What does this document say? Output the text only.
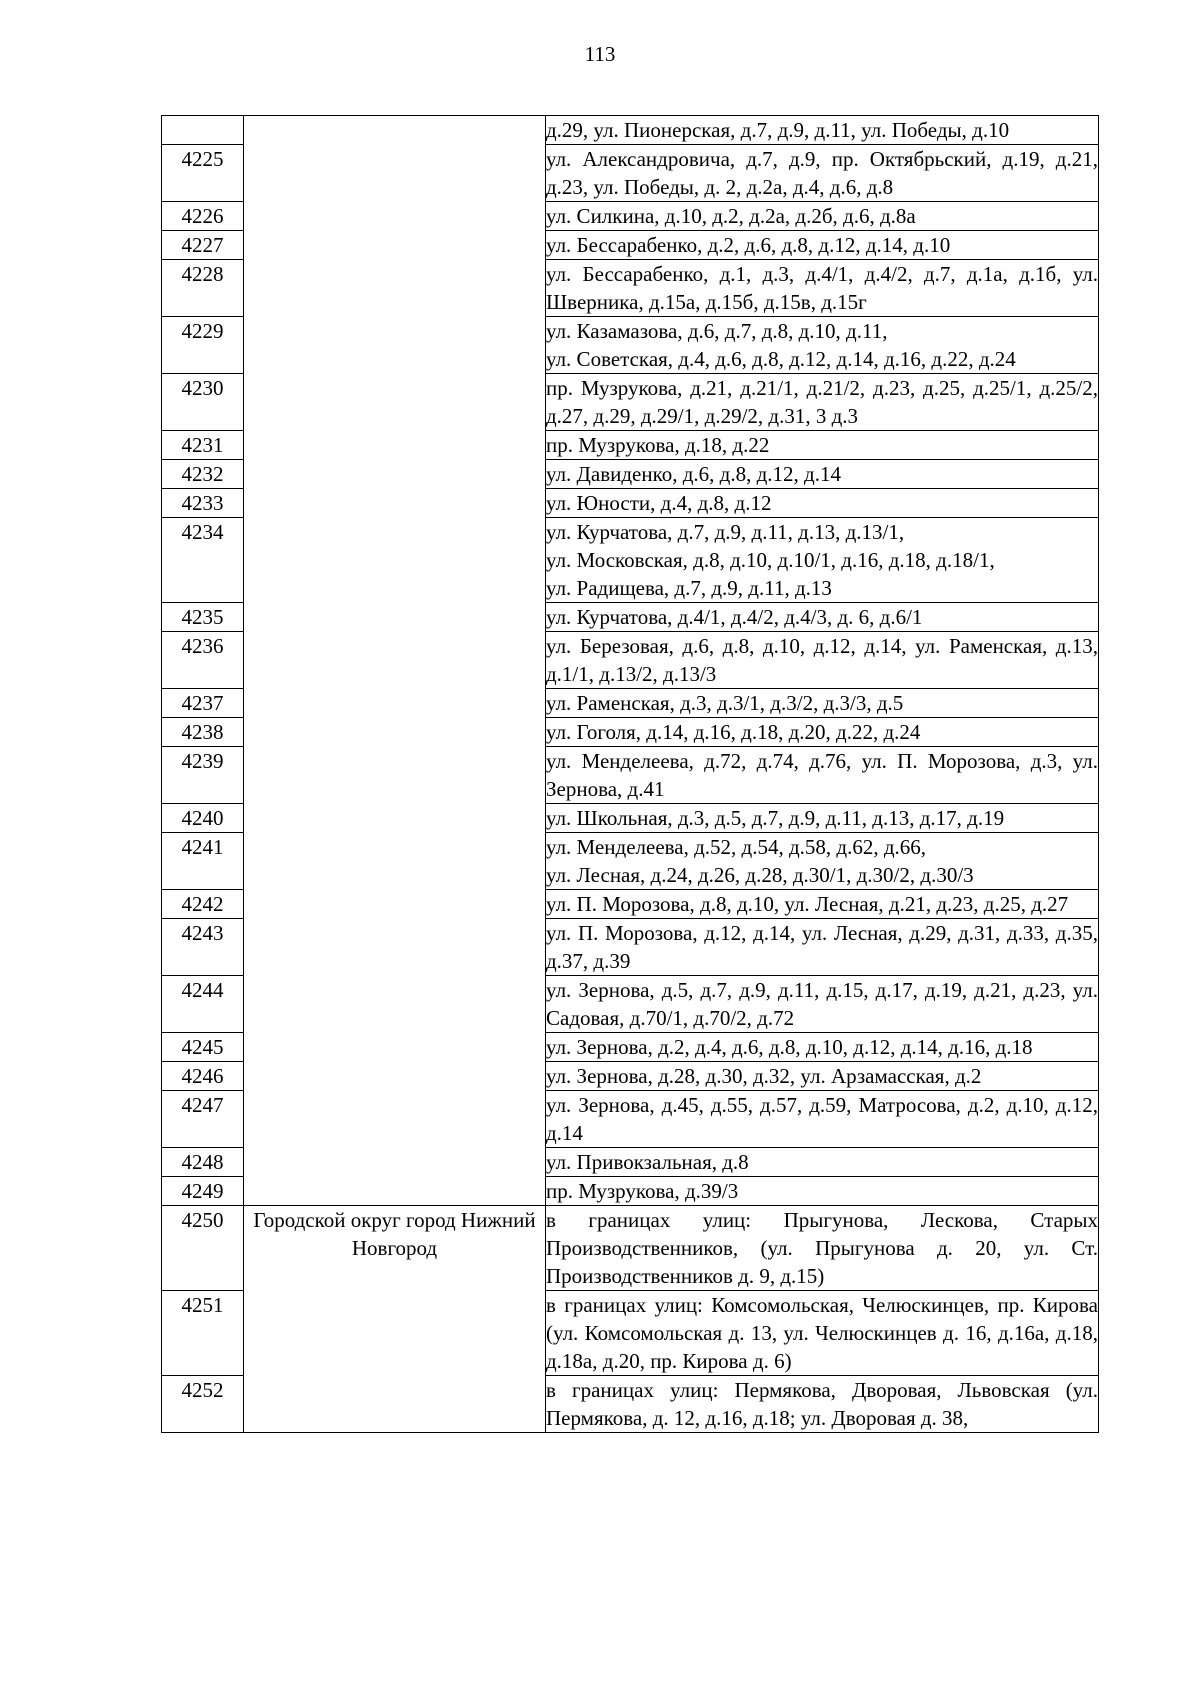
113

		д.29, ул. Пионерская, д.7, д.9, д.11, ул. Победы, д.10

4225		ул. Александровича, д.7, д.9, пр. Октябрьский, д.19, д.21, д.23, ул. Победы, д. 2, д.2а, д.4, д.6, д.8

4226		ул. Силкина, д.10, д.2, д.2а, д.2б, д.6, д.8а

4227		ул. Бессарабенко, д.2, д.6, д.8, д.12, д.14, д.10

4228		ул. Бессарабенко, д.1, д.3, д.4/1, д.4/2, д.7, д.1а, д.1б, ул. Шверника, д.15а, д.15б, д.15в, д.15г

4229		ул. Казамазова, д.6, д.7, д.8, д.10, д.11,
ул. Советская, д.4, д.6, д.8, д.12, д.14, д.16, д.22, д.24

4230		пр. Музрукова, д.21, д.21/1, д.21/2, д.23, д.25, д.25/1, д.25/2, д.27, д.29, д.29/1, д.29/2, д.31, 3 д.3

4231		пр. Музрукова, д.18, д.22

4232		ул. Давиденко, д.6, д.8, д.12, д.14

4233		ул. Юности, д.4, д.8, д.12

4234		ул. Курчатова, д.7, д.9, д.11, д.13, д.13/1,
ул. Московская, д.8, д.10, д.10/1, д.16, д.18, д.18/1,
ул. Радищева, д.7, д.9, д.11, д.13

4235		ул. Курчатова, д.4/1, д.4/2, д.4/3, д. 6, д.6/1

4236		ул. Березовая, д.6, д.8, д.10, д.12, д.14, ул. Раменская, д.13, д.1/1, д.13/2, д.13/3

4237		ул. Раменская, д.3, д.3/1, д.3/2, д.3/3, д.5

4238		ул. Гоголя, д.14, д.16, д.18, д.20, д.22, д.24

4239		ул. Менделеева, д.72, д.74, д.76, ул. П. Морозова, д.3, ул. Зернова, д.41

4240		ул. Школьная, д.3, д.5, д.7, д.9, д.11, д.13, д.17, д.19

4241		ул. Менделеева, д.52, д.54, д.58, д.62, д.66,
ул. Лесная, д.24, д.26, д.28, д.30/1, д.30/2, д.30/3

4242		ул. П. Морозова, д.8, д.10, ул. Лесная, д.21, д.23, д.25, д.27

4243		ул. П. Морозова, д.12, д.14, ул. Лесная, д.29, д.31, д.33, д.35, д.37, д.39

4244		ул. Зернова, д.5, д.7, д.9, д.11, д.15, д.17, д.19, д.21, д.23, ул. Садовая, д.70/1, д.70/2, д.72

4245		ул. Зернова, д.2, д.4, д.6, д.8, д.10, д.12, д.14, д.16, д.18

4246		ул. Зернова, д.28, д.30, д.32, ул. Арзамасская, д.2

4247		ул. Зернова, д.45, д.55, д.57, д.59, Матросова, д.2, д.10, д.12, д.14

4248		ул. Привокзальная, д.8

4249		пр. Музрукова, д.39/3

4250	Городской округ город Нижний Новгород	в границах улиц: Прыгунова, Лескова, Старых Производственников, (ул. Прыгунова д. 20, ул. Ст. Производственников д. 9, д.15)

4251		в границах улиц: Комсомольская, Челюскинцев, пр. Кирова (ул. Комсомольская д. 13, ул. Челюскинцев д. 16, д.16а, д.18, д.18а, д.20, пр. Кирова д. 6)

4252		в границах улиц: Пермякова, Дворовая, Львовская (ул. Пермякова, д. 12, д.16, д.18; ул. Дворовая д. 38,
